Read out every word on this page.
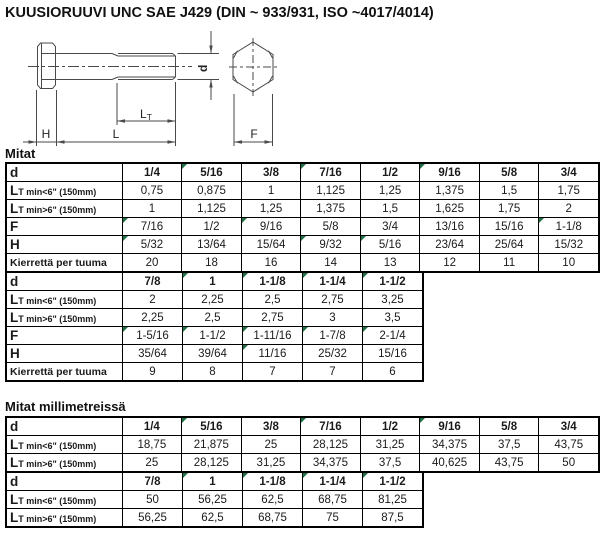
KUUSIORUUVI UNC SAE J429 (DIN ~ 933/931, ISO ~4017/4014)
H	L
LT
F
d
Mitat
d	1/4	5/16	3/8	7/16	1/2	9/16	5/8	3/4
LT min<6" (150mm)	0,75	0,875	1	1,125	1,25	1,375	1,5	1,75
LT min>6" (150mm)	1	1,125	1,25	1,375	1,5	1,625	1,75	2
F	7/16	1/2	9/16	5/8	3/4	13/16	15/16	1-1/8

H	5/32	13/64	15/64	9/32	5/16	23/64	25/64	15/32
Kierrettä per tuuma	20	18	16	14	13	12	11	10
d	7/8	1	1-1/8	1-1/4	1-1/2

LT min<6" (150mm)	2	2,25	2,5	2,75	3,25
LT min>6" (150mm)	2,25	2,5	2,75	3	3,5
F	1-5/16	1-1/2	1-11/16	1-7/8	2-1/4

H	35/64	39/64	11/16	25/32	15/16
Kierrettä per tuuma	9	8	7	7	6
Mitat millimetreissä
d	1/4	5/16	3/8	7/16	1/2	9/16	5/8	3/4
LT min<6" (150mm)	18,75	21,875	25	28,125	31,25	34,375	37,5	43,75
LT min>6" (150mm)	25	28,125	31,25	34,375	37,5	40,625	43,75	50
d	7/8	1	1-1/8	1-1/4	1-1/2

LT min<6" (150mm)	50	56,25	62,5	68,75	81,25
LT min>6" (150mm)	56,25	62,5	68,75	75	87,5
